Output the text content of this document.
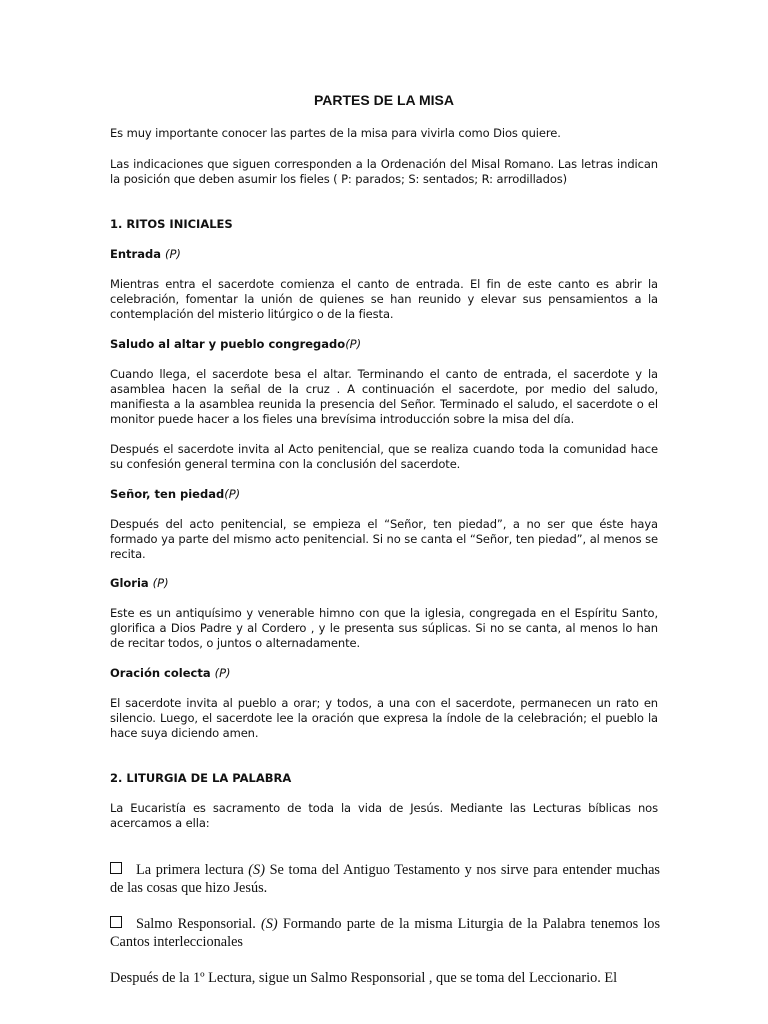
PARTES DE LA MISA

Es muy importante conocer las partes de la misa para vivirla como Dios quiere.

Las indicaciones que siguen corresponden a la Ordenación del Misal Romano. Las letras indican la posición que deben asumir los fieles ( P: parados; S: sentados; R: arrodillados)

1. RITOS INICIALES

Entrada (P)

Mientras entra el sacerdote comienza el canto de entrada. El fin de este canto es abrir la celebración, fomentar la unión de quienes se han reunido y elevar sus pensamientos a la contemplación del misterio litúrgico o de la fiesta.

Saludo al altar y pueblo congregado(P)

Cuando llega, el sacerdote besa el altar. Terminando el canto de entrada, el sacerdote y la asamblea hacen la señal de la cruz . A continuación el sacerdote, por medio del saludo, manifiesta a la asamblea reunida la presencia del Señor. Terminado el saludo, el sacerdote o el monitor puede hacer a los fieles una brevísima introducción sobre la misa del día.

Después el sacerdote invita al Acto penitencial, que se realiza cuando toda la comunidad hace su confesión general termina con la conclusión del sacerdote.

Señor, ten piedad(P)

Después del acto penitencial, se empieza el “Señor, ten piedad”, a no ser que éste haya formado ya parte del mismo acto penitencial. Si no se canta el “Señor, ten piedad”, al menos se recita.

Gloria (P)

Este es un antiquísimo y venerable himno con que la iglesia, congregada en el Espíritu Santo, glorifica a Dios Padre y al Cordero , y le presenta sus súplicas. Si no se canta, al menos lo han de recitar todos, o juntos o alternadamente.

Oración colecta (P)

El sacerdote invita al pueblo a orar; y todos, a una con el sacerdote, permanecen un rato en silencio. Luego, el sacerdote lee la oración que expresa la índole de la celebración; el pueblo la hace suya diciendo amen.

2. LITURGIA DE LA PALABRA

La Eucaristía es sacramento de toda la vida de Jesús. Mediante las Lecturas bíblicas nos acercamos a ella:

La primera lectura (S) Se toma del Antiguo Testamento y nos sirve para entender muchas de las cosas que hizo Jesús.

Salmo Responsorial. (S) Formando parte de la misma Liturgia de la Palabra tenemos los Cantos interleccionales

Después de la 1º Lectura, sigue un Salmo Responsorial , que se toma del Leccionario. El
